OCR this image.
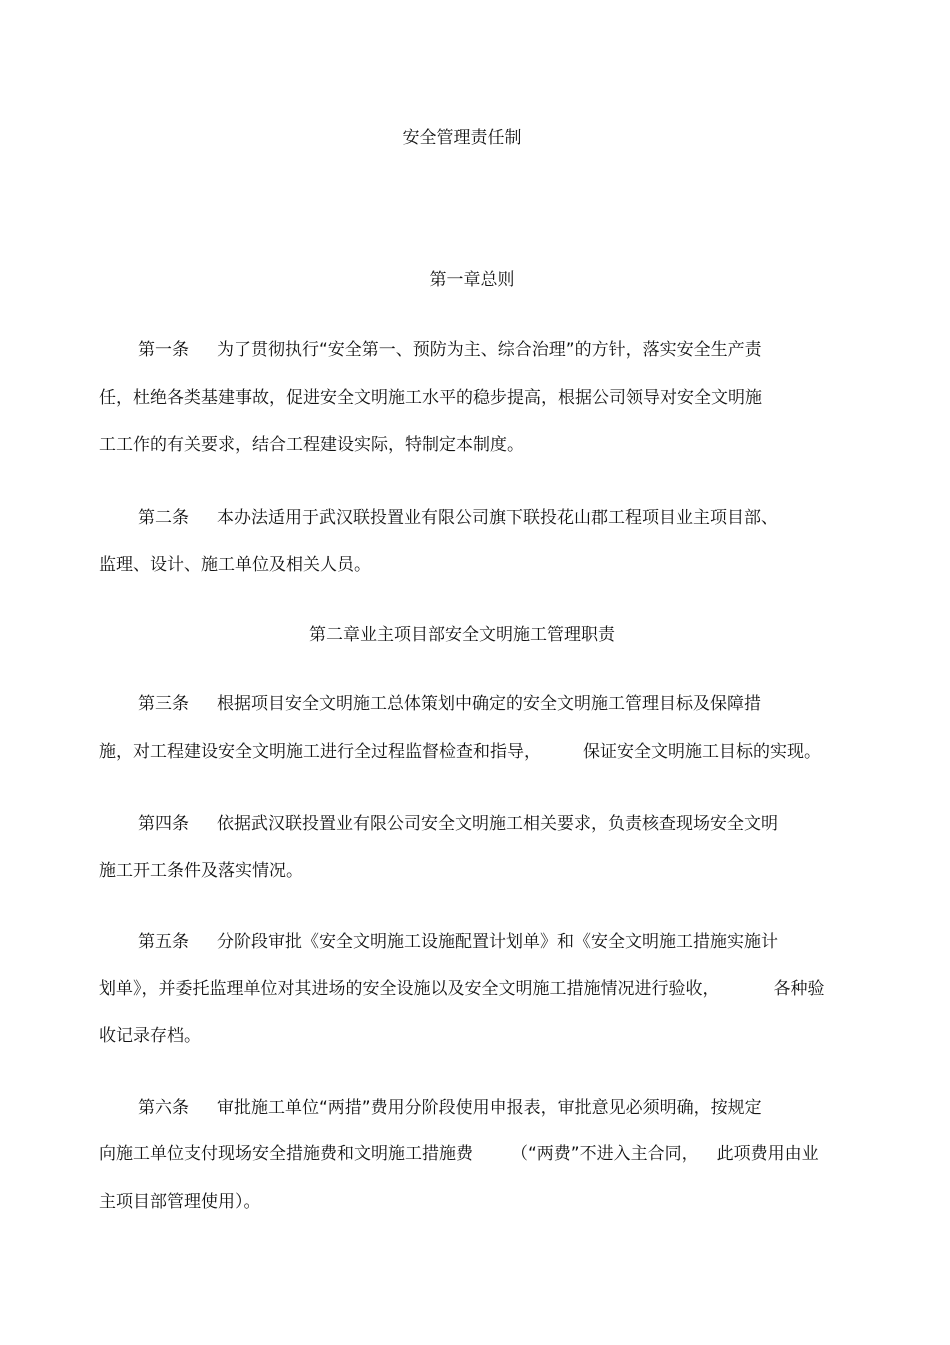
安全管理责任制
第一章总则
第一条 为了贯彻执行“安全第一、预防为主、综合治理”的方针，落实安全生产责
任，杜绝各类基建事故，促进安全文明施工水平的稳步提高，根据公司领导对安全文明施
工工作的有关要求，结合工程建设实际，特制定本制度。
第二条 本办法适用于武汉联投置业有限公司旗下联投花山郡工程项目业主项目部、
监理、设计、施工单位及相关人员。
第二章业主项目部安全文明施工管理职责
第三条 根据项目安全文明施工总体策划中确定的安全文明施工管理目标及保障措
施，对工程建设安全文明施工进行全过程监督检查和指导， 保证安全文明施工目标的实现。
第四条 依据武汉联投置业有限公司安全文明施工相关要求，负责核查现场安全文明
施工开工条件及落实情况。
第五条 分阶段审批《安全文明施工设施配置计划单》和《安全文明施工措施实施计
划单》，并委托监理单位对其进场的安全设施以及安全文明施工措施情况进行验收，	各种验
收记录存档。
第六条 审批施工单位“两措”费用分阶段使用申报表，审批意见必须明确，按规定
向施工单位支付现场安全措施费和文明施工措施费 （“两费”不进入主合同， 此项费用由业
主项目部管理使用）。
